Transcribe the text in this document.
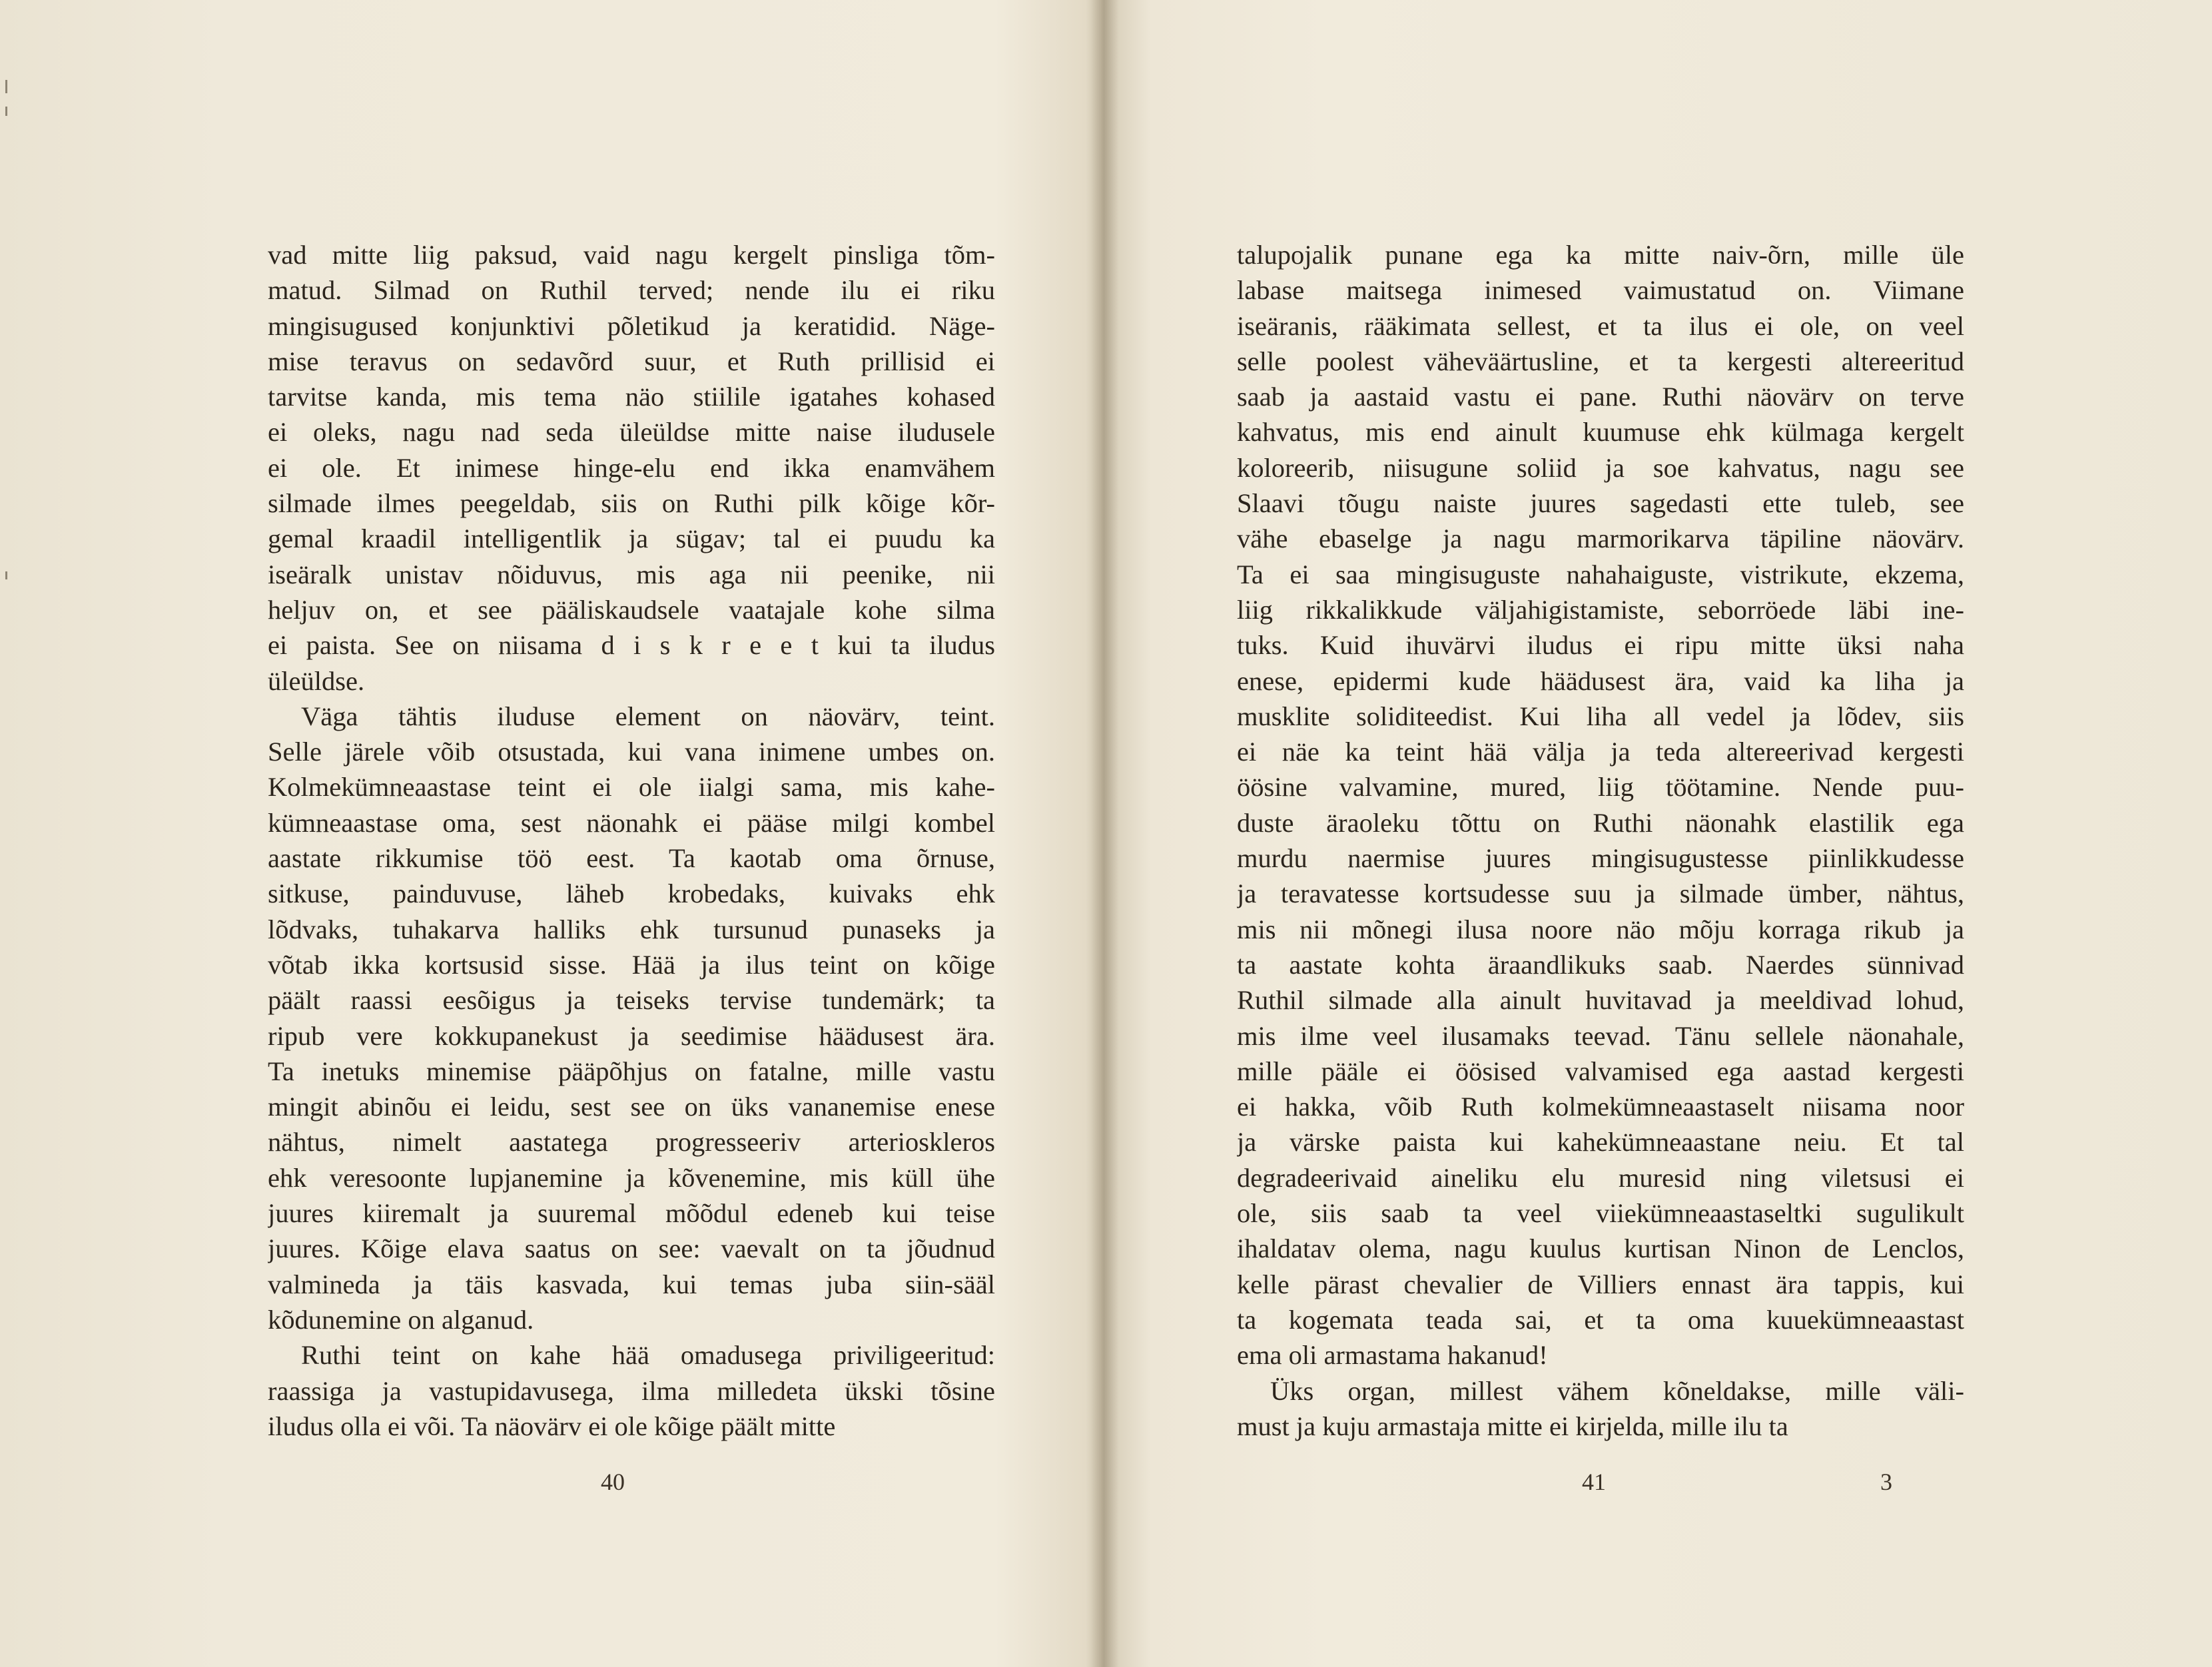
vad mitte liig paksud, vaid nagu kergelt pinsliga tõm-
matud. Silmad on Ruthil terved; nende ilu ei riku
mingisugused konjunktivi põletikud ja keratidid. Näge-
mise teravus on sedavõrd suur, et Ruth prillisid ei
tarvitse kanda, mis tema näo stiilile igatahes kohased
ei oleks, nagu nad seda üleüldse mitte naise iludusele
ei ole. Et inimese hinge-elu end ikka enamvähem
silmade ilmes peegeldab, siis on Ruthi pilk kõige kõr-
gemal kraadil intelligentlik ja sügav; tal ei puudu ka
iseäralk unistav nõiduvus, mis aga nii peenike, nii
heljuv on, et see pääliskaudsele vaatajale kohe silma
ei paista. See on niisama d i s k r e e t kui ta iludus
üleüldse.
Väga tähtis iluduse element on näovärv, teint.
Selle järele võib otsustada, kui vana inimene umbes on.
Kolmekümneaastase teint ei ole iialgi sama, mis kahe-
kümneaastase oma, sest näonahk ei pääse milgi kombel
aastate rikkumise töö eest. Ta kaotab oma õrnuse,
sitkuse, painduvuse, läheb krobedaks, kuivaks ehk
lõdvaks, tuhakarva halliks ehk tursunud punaseks ja
võtab ikka kortsusid sisse. Hää ja ilus teint on kõige
päält raassi eesõigus ja teiseks tervise tundemärk; ta
ripub vere kokkupanekust ja seedimise häädusest ära.
Ta inetuks minemise pääpõhjus on fatalne, mille vastu
mingit abinõu ei leidu, sest see on üks vananemise enese
nähtus, nimelt aastatega progresseeriv arterioskleros
ehk veresoonte lupjanemine ja kõvenemine, mis küll ühe
juures kiiremalt ja suuremal mõõdul edeneb kui teise
juures. Kõige elava saatus on see: vaevalt on ta jõudnud
valmineda ja täis kasvada, kui temas juba siin-sääl
kõdunemine on alganud.
Ruthi teint on kahe hää omadusega priviligeeritud:
raassiga ja vastupidavusega, ilma milledeta ükski tõsine
iludus olla ei või. Ta näovärv ei ole kõige päält mitte
40
talupojalik punane ega ka mitte naiv-õrn, mille üle
labase maitsega inimesed vaimustatud on. Viimane
iseäranis, rääkimata sellest, et ta ilus ei ole, on veel
selle poolest väheväärtusline, et ta kergesti altereeritud
saab ja aastaid vastu ei pane. Ruthi näovärv on terve
kahvatus, mis end ainult kuumuse ehk külmaga kergelt
koloreerib, niisugune soliid ja soe kahvatus, nagu see
Slaavi tõugu naiste juures sagedasti ette tuleb, see
vähe ebaselge ja nagu marmorikarva täpiline näovärv.
Ta ei saa mingisuguste nahahaiguste, vistrikute, ekzema,
liig rikkalikkude väljahigistamiste, seborröede läbi ine-
tuks. Kuid ihuvärvi iludus ei ripu mitte üksi naha
enese, epidermi kude häädusest ära, vaid ka liha ja
musklite soliditeedist. Kui liha all vedel ja lõdev, siis
ei näe ka teint hää välja ja teda altereerivad kergesti
öösine valvamine, mured, liig töötamine. Nende puu-
duste äraoleku tõttu on Ruthi näonahk elastilik ega
murdu naermise juures mingisugustesse piinlikkudesse
ja teravatesse kortsudesse suu ja silmade ümber, nähtus,
mis nii mõnegi ilusa noore näo mõju korraga rikub ja
ta aastate kohta äraandlikuks saab. Naerdes sünnivad
Ruthil silmade alla ainult huvitavad ja meeldivad lohud,
mis ilme veel ilusamaks teevad. Tänu sellele näonahale,
mille pääle ei öösised valvamised ega aastad kergesti
ei hakka, võib Ruth kolmekümneaastaselt niisama noor
ja värske paista kui kahekümneaastane neiu. Et tal
degradeerivaid aineliku elu muresid ning viletsusi ei
ole, siis saab ta veel viiekümneaastaseltki sugulikult
ihaldatav olema, nagu kuulus kurtisan Ninon de Lenclos,
kelle pärast chevalier de Villiers ennast ära tappis, kui
ta kogemata teada sai, et ta oma kuuekümneaastast
ema oli armastama hakanud!
Üks organ, millest vähem kõneldakse, mille väli-
must ja kuju armastaja mitte ei kirjelda, mille ilu ta
41	3
